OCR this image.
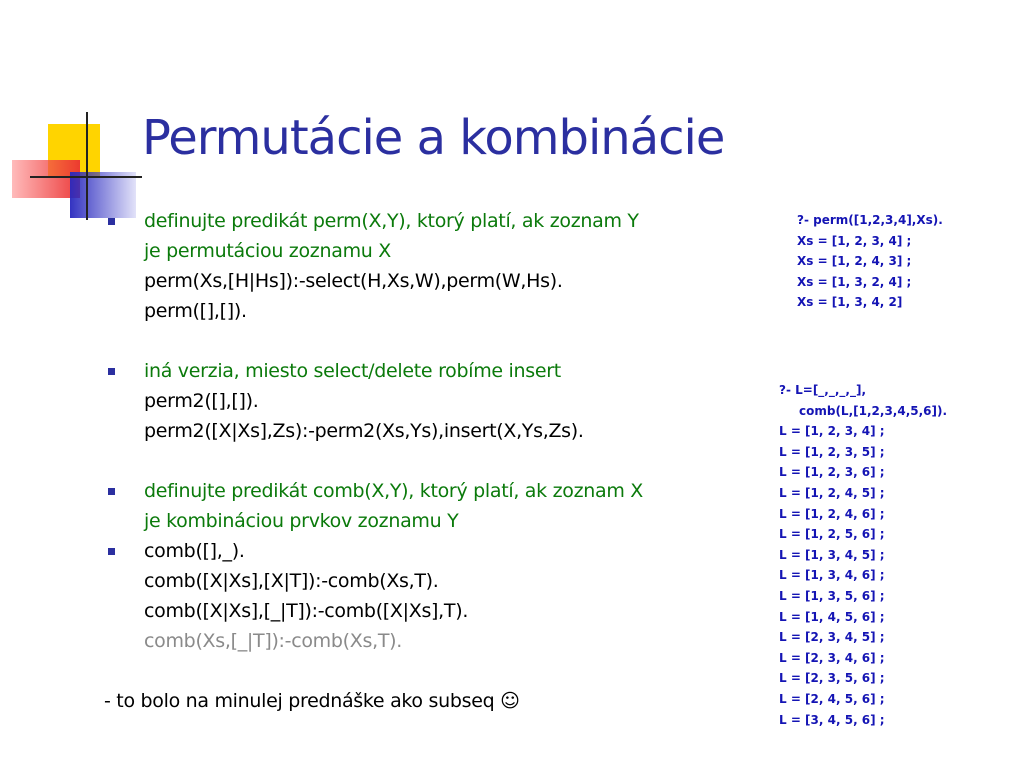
Permutácie a kombinácie
definujte predikát perm(X,Y), ktorý platí, ak zoznam Y
je permutáciou zoznamu X
perm(Xs,[H|Hs]):-select(H,Xs,W),perm(W,Hs).
perm([],[]).
iná verzia, miesto select/delete robíme insert
perm2([],[]).
perm2([X|Xs],Zs):-perm2(Xs,Ys),insert(X,Ys,Zs).
definujte predikát comb(X,Y), ktorý platí, ak zoznam X
je kombináciou prvkov zoznamu Y
comb([],_).
comb([X|Xs],[X|T]):-comb(Xs,T).
comb([X|Xs],[_|T]):-comb([X|Xs],T).
comb(Xs,[_|T]):-comb(Xs,T).
- to bolo na minulej prednáške ako subseq ☺
?- perm([1,2,3,4],Xs).
Xs = [1, 2, 3, 4] ;
Xs = [1, 2, 4, 3] ;
Xs = [1, 3, 2, 4] ;
Xs = [1, 3, 4, 2]
?- L=[_,_,_,_],
comb(L,[1,2,3,4,5,6]).
L = [1, 2, 3, 4] ;
L = [1, 2, 3, 5] ;
L = [1, 2, 3, 6] ;
L = [1, 2, 4, 5] ;
L = [1, 2, 4, 6] ;
L = [1, 2, 5, 6] ;
L = [1, 3, 4, 5] ;
L = [1, 3, 4, 6] ;
L = [1, 3, 5, 6] ;
L = [1, 4, 5, 6] ;
L = [2, 3, 4, 5] ;
L = [2, 3, 4, 6] ;
L = [2, 3, 5, 6] ;
L = [2, 4, 5, 6] ;
L = [3, 4, 5, 6] ;
